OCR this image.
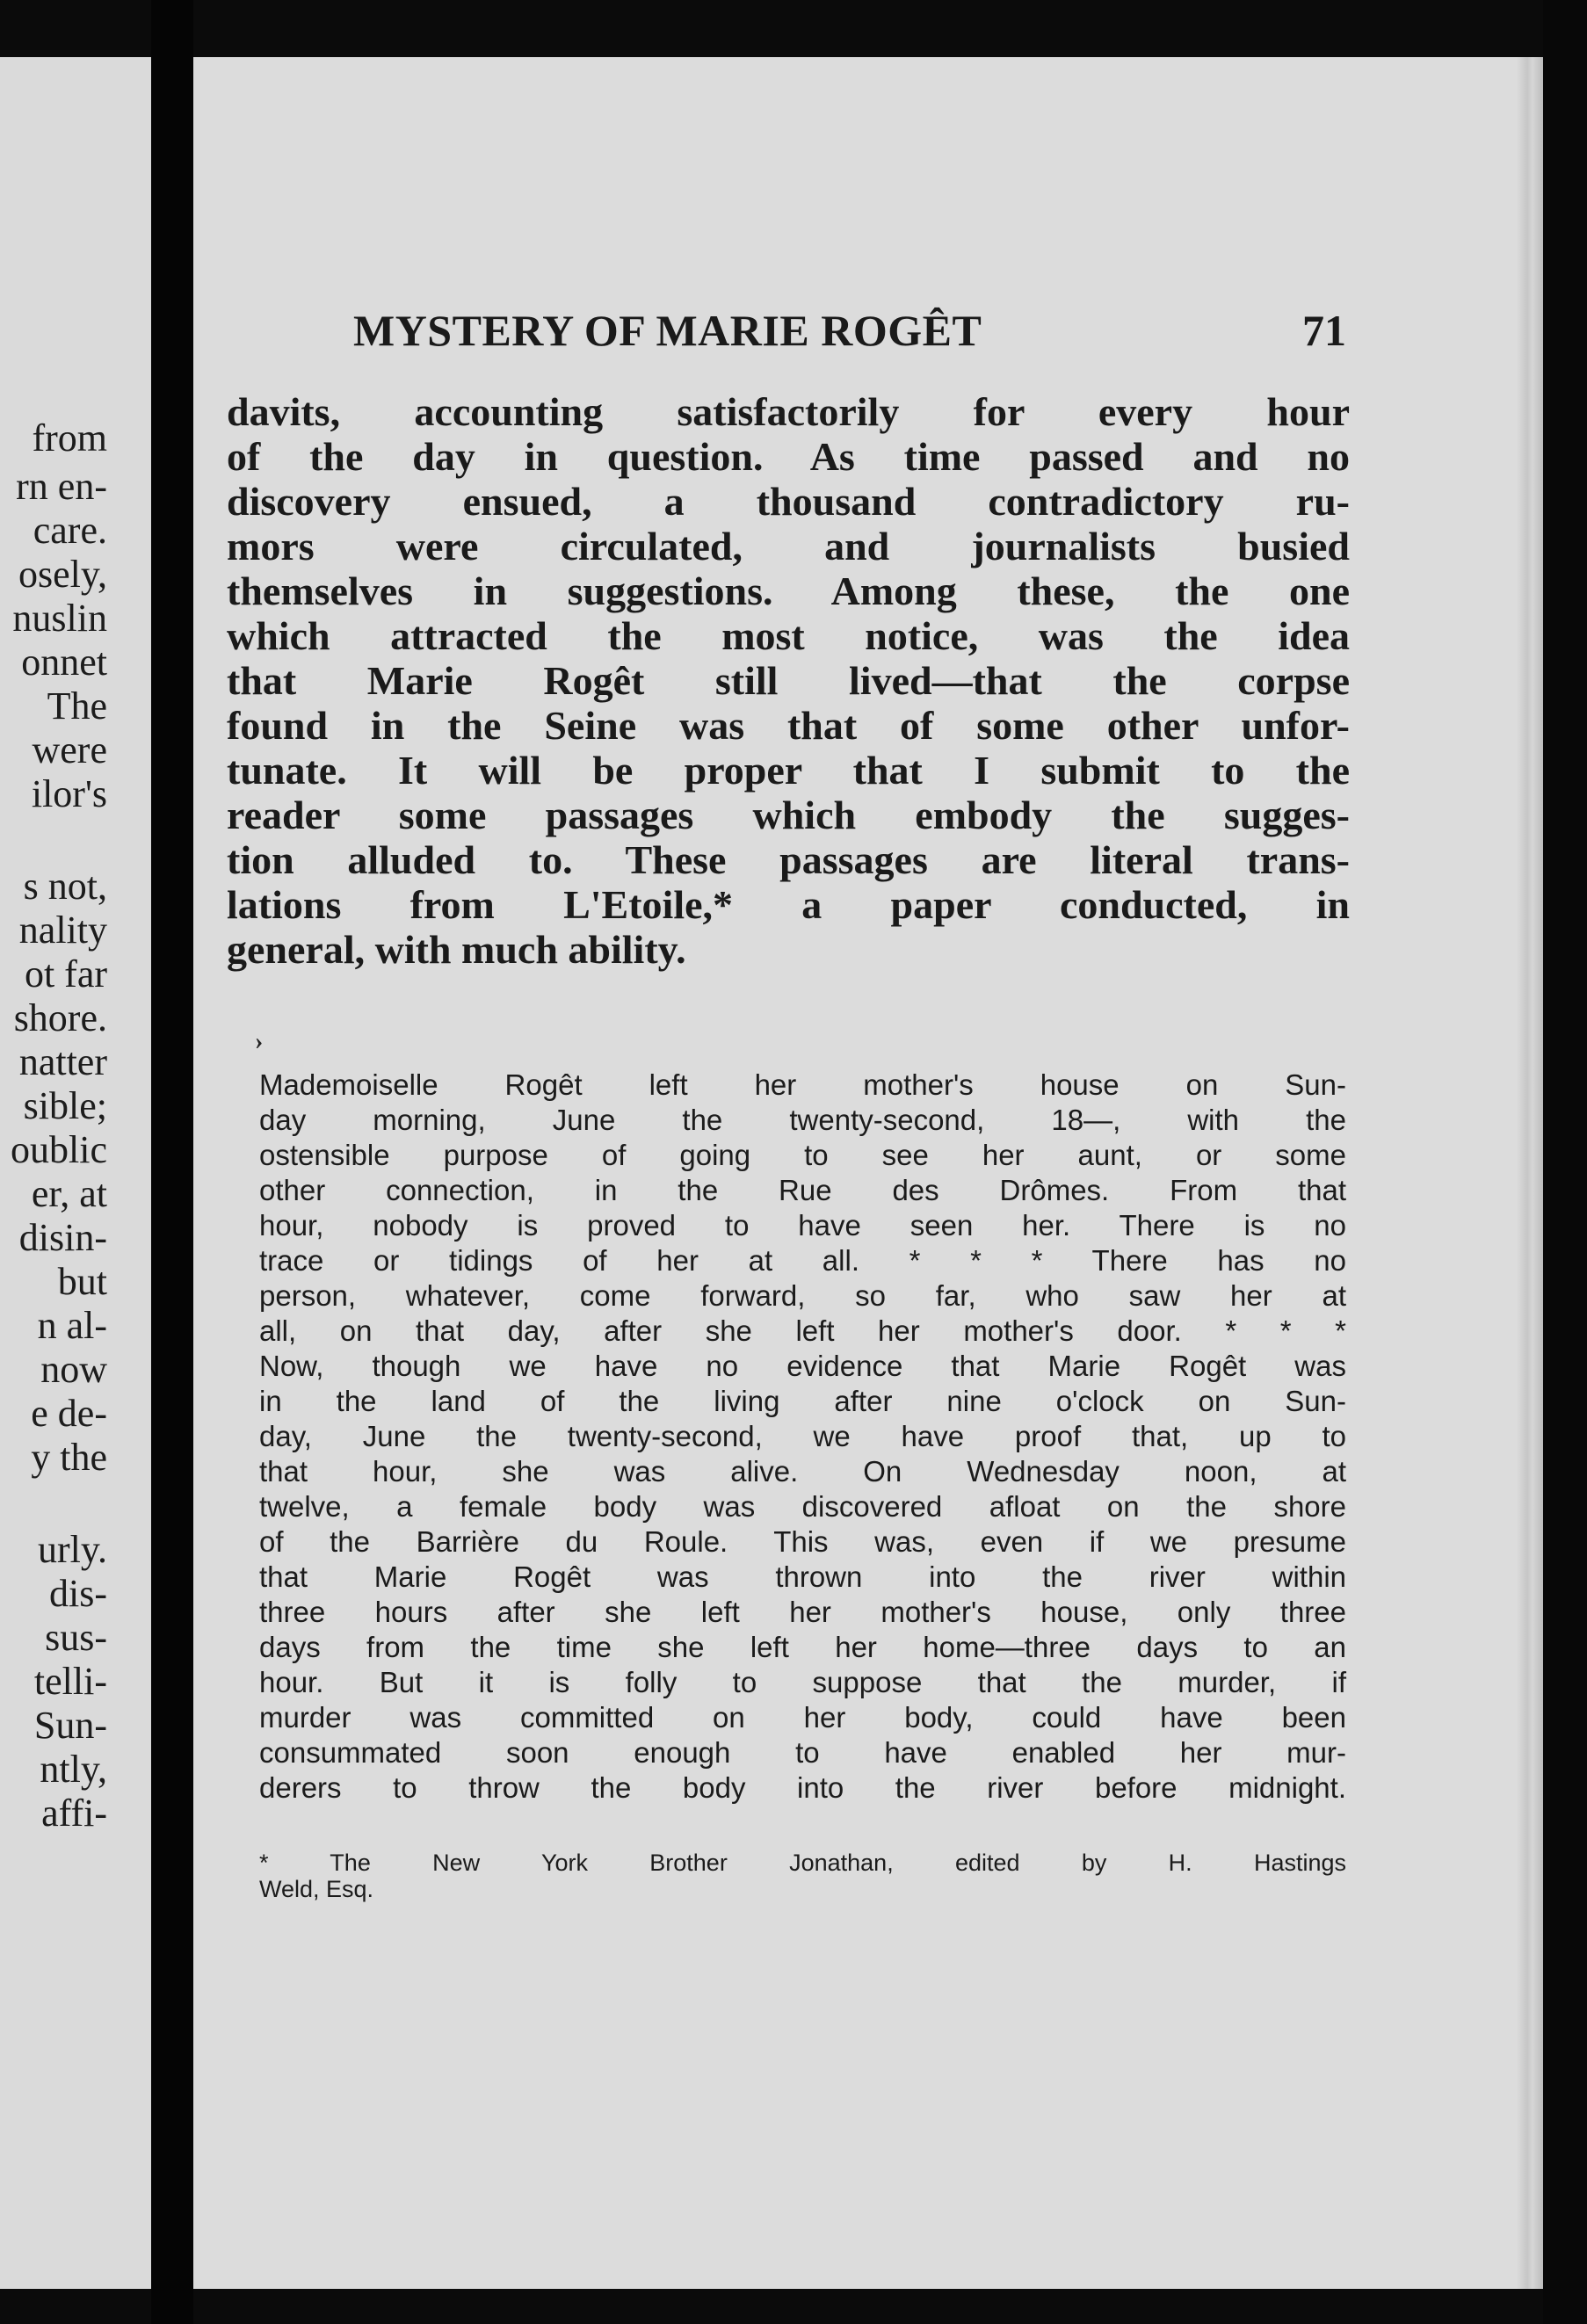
from
rn en-
care.
osely,
nuslin
onnet
The
were
ilor's
s not,
nality
ot far
shore.
natter
sible;
oublic
er, at
disin-
but
n al-
now
e de-
y the
urly.
dis-
sus-
telli-
Sun-
ntly,
affi-
MYSTERY OF MARIE ROGÊT	71
davits, accounting satisfactorily for every hour
of the day in question. As time passed and no
discovery ensued, a thousand contradictory ru-
mors were circulated, and journalists busied
themselves in suggestions. Among these, the one
which attracted the most notice, was the idea
that Marie Rogêt still lived—that the corpse
found in the Seine was that of some other unfor-
tunate. It will be proper that I submit to the
reader some passages which embody the sugges-
tion alluded to. These passages are literal trans-
lations from L'Etoile,* a paper conducted, in
general, with much ability.
›
Mademoiselle Rogêt left her mother's house on Sun-
day morning, June the twenty-second, 18—, with the
ostensible purpose of going to see her aunt, or some
other connection, in the Rue des Drômes. From that
hour, nobody is proved to have seen her. There is no
trace or tidings of her at all. * * * There has no
person, whatever, come forward, so far, who saw her at
all, on that day, after she left her mother's door. * * *
Now, though we have no evidence that Marie Rogêt was
in the land of the living after nine o'clock on Sun-
day, June the twenty-second, we have proof that, up to
that hour, she was alive. On Wednesday noon, at
twelve, a female body was discovered afloat on the shore
of the Barrière du Roule. This was, even if we presume
that Marie Rogêt was thrown into the river within
three hours after she left her mother's house, only three
days from the time she left her home—three days to an
hour. But it is folly to suppose that the murder, if
murder was committed on her body, could have been
consummated soon enough to have enabled her mur-
derers to throw the body into the river before midnight.
* The New York Brother Jonathan, edited by H. Hastings
Weld, Esq.
